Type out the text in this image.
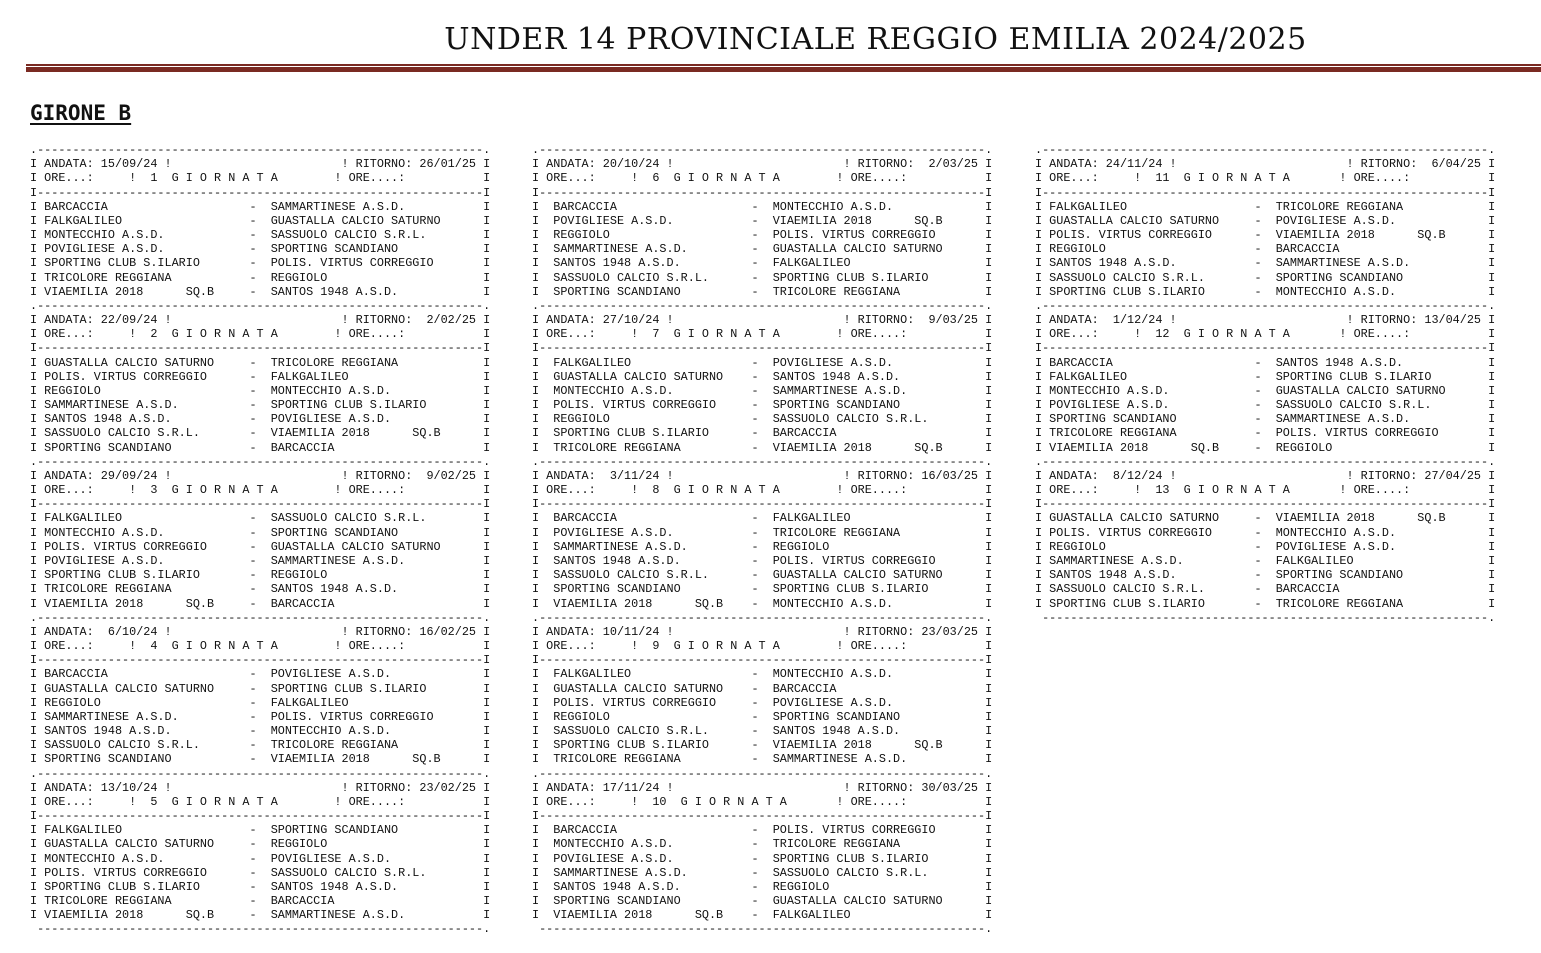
UNDER 14 PROVINCIALE REGGIO EMILIA 2024/2025
GIRONE B
.---------------------------------------------------------------.
I ANDATA: 15/09/24 !                        ! RITORNO: 26/01/25 I
I ORE...:     !  1  G I O R N A T A        ! ORE....:           I
I---------------------------------------------------------------I
I BARCACCIA                    -  SAMMARTINESE A.S.D.           I
I FALKGALILEO                  -  GUASTALLA CALCIO SATURNO      I
I MONTECCHIO A.S.D.            -  SASSUOLO CALCIO S.R.L.        I
I POVIGLIESE A.S.D.            -  SPORTING SCANDIANO            I
I SPORTING CLUB S.ILARIO       -  POLIS. VIRTUS CORREGGIO       I
I TRICOLORE REGGIANA           -  REGGIOLO                      I
I VIAEMILIA 2018      SQ.B     -  SANTOS 1948 A.S.D.            I
.---------------------------------------------------------------.
I ANDATA: 22/09/24 !                        ! RITORNO:  2/02/25 I
I ORE...:     !  2  G I O R N A T A        ! ORE....:           I
I---------------------------------------------------------------I
I GUASTALLA CALCIO SATURNO     -  TRICOLORE REGGIANA            I
I POLIS. VIRTUS CORREGGIO      -  FALKGALILEO                   I
I REGGIOLO                     -  MONTECCHIO A.S.D.             I
I SAMMARTINESE A.S.D.          -  SPORTING CLUB S.ILARIO        I
I SANTOS 1948 A.S.D.           -  POVIGLIESE A.S.D.             I
I SASSUOLO CALCIO S.R.L.       -  VIAEMILIA 2018      SQ.B      I
I SPORTING SCANDIANO           -  BARCACCIA                     I
.---------------------------------------------------------------.
I ANDATA: 29/09/24 !                        ! RITORNO:  9/02/25 I
I ORE...:     !  3  G I O R N A T A        ! ORE....:           I
I---------------------------------------------------------------I
I FALKGALILEO                  -  SASSUOLO CALCIO S.R.L.        I
I MONTECCHIO A.S.D.            -  SPORTING SCANDIANO            I
I POLIS. VIRTUS CORREGGIO      -  GUASTALLA CALCIO SATURNO      I
I POVIGLIESE A.S.D.            -  SAMMARTINESE A.S.D.           I
I SPORTING CLUB S.ILARIO       -  REGGIOLO                      I
I TRICOLORE REGGIANA           -  SANTOS 1948 A.S.D.            I
I VIAEMILIA 2018      SQ.B     -  BARCACCIA                     I
.---------------------------------------------------------------.
I ANDATA:  6/10/24 !                        ! RITORNO: 16/02/25 I
I ORE...:     !  4  G I O R N A T A        ! ORE....:           I
I---------------------------------------------------------------I
I BARCACCIA                    -  POVIGLIESE A.S.D.             I
I GUASTALLA CALCIO SATURNO     -  SPORTING CLUB S.ILARIO        I
I REGGIOLO                     -  FALKGALILEO                   I
I SAMMARTINESE A.S.D.          -  POLIS. VIRTUS CORREGGIO       I
I SANTOS 1948 A.S.D.           -  MONTECCHIO A.S.D.             I
I SASSUOLO CALCIO S.R.L.       -  TRICOLORE REGGIANA            I
I SPORTING SCANDIANO           -  VIAEMILIA 2018      SQ.B      I
.---------------------------------------------------------------.
I ANDATA: 13/10/24 !                        ! RITORNO: 23/02/25 I
I ORE...:     !  5  G I O R N A T A        ! ORE....:           I
I---------------------------------------------------------------I
I FALKGALILEO                  -  SPORTING SCANDIANO            I
I GUASTALLA CALCIO SATURNO     -  REGGIOLO                      I
I MONTECCHIO A.S.D.            -  POVIGLIESE A.S.D.             I
I POLIS. VIRTUS CORREGGIO      -  SASSUOLO CALCIO S.R.L.        I
I SPORTING CLUB S.ILARIO       -  SANTOS 1948 A.S.D.            I
I TRICOLORE REGGIANA           -  BARCACCIA                     I
I VIAEMILIA 2018      SQ.B     -  SAMMARTINESE A.S.D.           I
---------------------------------------------------------------.
.---------------------------------------------------------------.
I ANDATA: 20/10/24 !                        ! RITORNO:  2/03/25 I
I ORE...:     !  6  G I O R N A T A        ! ORE....:           I
I---------------------------------------------------------------I
I  BARCACCIA                   -  MONTECCHIO A.S.D.             I
I  POVIGLIESE A.S.D.           -  VIAEMILIA 2018      SQ.B      I
I  REGGIOLO                    -  POLIS. VIRTUS CORREGGIO       I
I  SAMMARTINESE A.S.D.         -  GUASTALLA CALCIO SATURNO      I
I  SANTOS 1948 A.S.D.          -  FALKGALILEO                   I
I  SASSUOLO CALCIO S.R.L.      -  SPORTING CLUB S.ILARIO        I
I  SPORTING SCANDIANO          -  TRICOLORE REGGIANA            I
.---------------------------------------------------------------.
I ANDATA: 27/10/24 !                        ! RITORNO:  9/03/25 I
I ORE...:     !  7  G I O R N A T A        ! ORE....:           I
I---------------------------------------------------------------I
I  FALKGALILEO                 -  POVIGLIESE A.S.D.             I
I  GUASTALLA CALCIO SATURNO    -  SANTOS 1948 A.S.D.            I
I  MONTECCHIO A.S.D.           -  SAMMARTINESE A.S.D.           I
I  POLIS. VIRTUS CORREGGIO     -  SPORTING SCANDIANO            I
I  REGGIOLO                    -  SASSUOLO CALCIO S.R.L.        I
I  SPORTING CLUB S.ILARIO      -  BARCACCIA                     I
I  TRICOLORE REGGIANA          -  VIAEMILIA 2018      SQ.B      I
.---------------------------------------------------------------.
I ANDATA:  3/11/24 !                        ! RITORNO: 16/03/25 I
I ORE...:     !  8  G I O R N A T A        ! ORE....:           I
I---------------------------------------------------------------I
I  BARCACCIA                   -  FALKGALILEO                   I
I  POVIGLIESE A.S.D.           -  TRICOLORE REGGIANA            I
I  SAMMARTINESE A.S.D.         -  REGGIOLO                      I
I  SANTOS 1948 A.S.D.          -  POLIS. VIRTUS CORREGGIO       I
I  SASSUOLO CALCIO S.R.L.      -  GUASTALLA CALCIO SATURNO      I
I  SPORTING SCANDIANO          -  SPORTING CLUB S.ILARIO        I
I  VIAEMILIA 2018      SQ.B    -  MONTECCHIO A.S.D.             I
.---------------------------------------------------------------.
I ANDATA: 10/11/24 !                        ! RITORNO: 23/03/25 I
I ORE...:     !  9  G I O R N A T A        ! ORE....:           I
I---------------------------------------------------------------I
I  FALKGALILEO                 -  MONTECCHIO A.S.D.             I
I  GUASTALLA CALCIO SATURNO    -  BARCACCIA                     I
I  POLIS. VIRTUS CORREGGIO     -  POVIGLIESE A.S.D.             I
I  REGGIOLO                    -  SPORTING SCANDIANO            I
I  SASSUOLO CALCIO S.R.L.      -  SANTOS 1948 A.S.D.            I
I  SPORTING CLUB S.ILARIO      -  VIAEMILIA 2018      SQ.B      I
I  TRICOLORE REGGIANA          -  SAMMARTINESE A.S.D.           I
.---------------------------------------------------------------.
I ANDATA: 17/11/24 !                        ! RITORNO: 30/03/25 I
I ORE...:     !  10  G I O R N A T A       ! ORE....:           I
I---------------------------------------------------------------I
I  BARCACCIA                   -  POLIS. VIRTUS CORREGGIO       I
I  MONTECCHIO A.S.D.           -  TRICOLORE REGGIANA            I
I  POVIGLIESE A.S.D.           -  SPORTING CLUB S.ILARIO        I
I  SAMMARTINESE A.S.D.         -  SASSUOLO CALCIO S.R.L.        I
I  SANTOS 1948 A.S.D.          -  REGGIOLO                      I
I  SPORTING SCANDIANO          -  GUASTALLA CALCIO SATURNO      I
I  VIAEMILIA 2018      SQ.B    -  FALKGALILEO                   I
---------------------------------------------------------------.
.---------------------------------------------------------------.
I ANDATA: 24/11/24 !                        ! RITORNO:  6/04/25 I
I ORE...:     !  11  G I O R N A T A       ! ORE....:           I
I---------------------------------------------------------------I
I FALKGALILEO                  -  TRICOLORE REGGIANA            I
I GUASTALLA CALCIO SATURNO     -  POVIGLIESE A.S.D.             I
I POLIS. VIRTUS CORREGGIO      -  VIAEMILIA 2018      SQ.B      I
I REGGIOLO                     -  BARCACCIA                     I
I SANTOS 1948 A.S.D.           -  SAMMARTINESE A.S.D.           I
I SASSUOLO CALCIO S.R.L.       -  SPORTING SCANDIANO            I
I SPORTING CLUB S.ILARIO       -  MONTECCHIO A.S.D.             I
.---------------------------------------------------------------.
I ANDATA:  1/12/24 !                        ! RITORNO: 13/04/25 I
I ORE...:     !  12  G I O R N A T A       ! ORE....:           I
I---------------------------------------------------------------I
I BARCACCIA                    -  SANTOS 1948 A.S.D.            I
I FALKGALILEO                  -  SPORTING CLUB S.ILARIO        I
I MONTECCHIO A.S.D.            -  GUASTALLA CALCIO SATURNO      I
I POVIGLIESE A.S.D.            -  SASSUOLO CALCIO S.R.L.        I
I SPORTING SCANDIANO           -  SAMMARTINESE A.S.D.           I
I TRICOLORE REGGIANA           -  POLIS. VIRTUS CORREGGIO       I
I VIAEMILIA 2018      SQ.B     -  REGGIOLO                      I
.---------------------------------------------------------------.
I ANDATA:  8/12/24 !                        ! RITORNO: 27/04/25 I
I ORE...:     !  13  G I O R N A T A       ! ORE....:           I
I---------------------------------------------------------------I
I GUASTALLA CALCIO SATURNO     -  VIAEMILIA 2018      SQ.B      I
I POLIS. VIRTUS CORREGGIO      -  MONTECCHIO A.S.D.             I
I REGGIOLO                     -  POVIGLIESE A.S.D.             I
I SAMMARTINESE A.S.D.          -  FALKGALILEO                   I
I SANTOS 1948 A.S.D.           -  SPORTING SCANDIANO            I
I SASSUOLO CALCIO S.R.L.       -  BARCACCIA                     I
I SPORTING CLUB S.ILARIO       -  TRICOLORE REGGIANA            I
---------------------------------------------------------------.
